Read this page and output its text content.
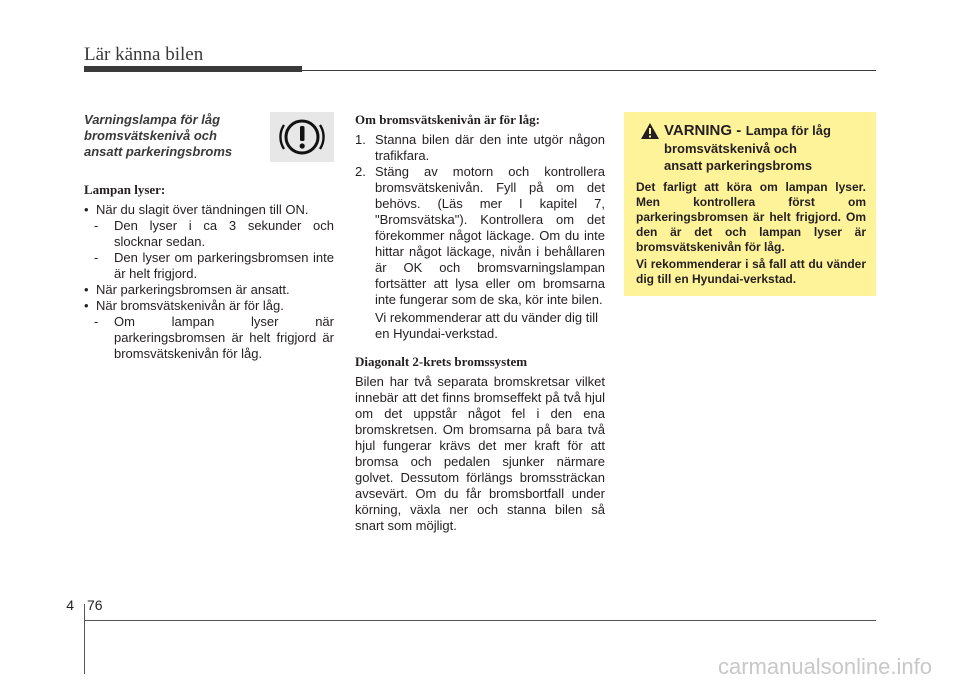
Lär känna bilen
Varningslampa för låg
bromsvätskenivå och
ansatt parkeringsbroms

Lampan lyser:

• När du slagit över tändningen till ON.

- Den lyser i ca 3 sekunder och slocknar sedan.

- Den lyser om parkeringsbromsen inte är helt frigjord.

• När parkeringsbromsen är ansatt.

• När bromsvätskenivån är för låg.

- Om lampan lyser när parkeringsbromsen är helt frigjord är bromsvätskenivån för låg.

Om bromsvätskenivån är för låg:

1. Stanna bilen där den inte utgör någon trafikfara.

2. Stäng av motorn och kontrollera bromsvätskenivån. Fyll på om det behövs. (Läs mer I kapitel 7, "Bromsvätska"). Kontrollera om det förekommer något läckage. Om du inte hittar något läckage, nivån i behållaren är OK och bromsvarningslampan fortsätter att lysa eller om bromsarna inte fungerar som de ska, kör inte bilen.

Vi rekommenderar att du vänder dig till en Hyundai-verkstad.

Diagonalt 2-krets bromssystem

Bilen har två separata bromskretsar vilket innebär att det finns bromseffekt på två hjul om det uppstår något fel i den ena bromskretsen. Om bromsarna på bara två hjul fungerar krävs det mer kraft för att bromsa och pedalen sjunker närmare golvet. Dessutom förlängs bromssträckan avsevärt. Om du får bromsbortfall under körning, växla ner och stanna bilen så snart som möjligt.

VARNING - Lampa för låg
bromsvätskenivå och
ansatt parkeringsbroms

Det farligt att köra om lampan lyser. Men kontrollera först om parkeringsbromsen är helt frigjord. Om den är det och lampan lyser är bromsvätskenivån för låg.

Vi rekommenderar i så fall att du vänder dig till en Hyundai-verkstad.

4 76
carmanualsonline.info
